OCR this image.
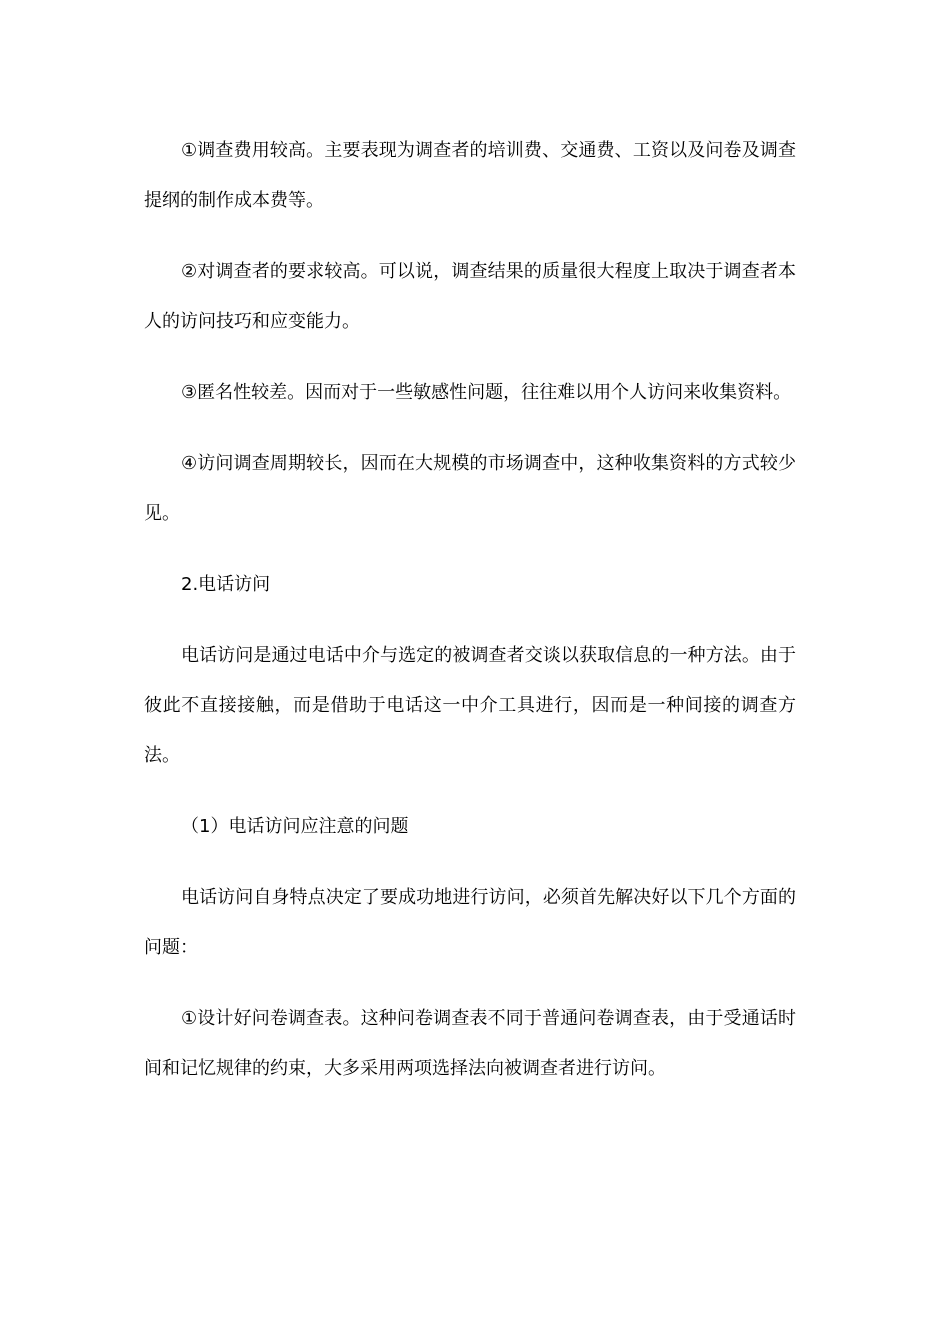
①调查费用较高。主要表现为调查者的培训费、交通费、工资以及问卷及调查提纲的制作成本费等。

②对调查者的要求较高。可以说，调查结果的质量很大程度上取决于调查者本人的访问技巧和应变能力。

③匿名性较差。因而对于一些敏感性问题，往往难以用个人访问来收集资料。

④访问调查周期较长，因而在大规模的市场调查中，这种收集资料的方式较少见。

2.电话访问

电话访问是通过电话中介与选定的被调查者交谈以获取信息的一种方法。由于彼此不直接接触，而是借助于电话这一中介工具进行，因而是一种间接的调查方法。

（1）电话访问应注意的问题

电话访问自身特点决定了要成功地进行访问，必须首先解决好以下几个方面的问题：

①设计好问卷调查表。这种问卷调查表不同于普通问卷调查表，由于受通话时间和记忆规律的约束，大多采用两项选择法向被调查者进行访问。
